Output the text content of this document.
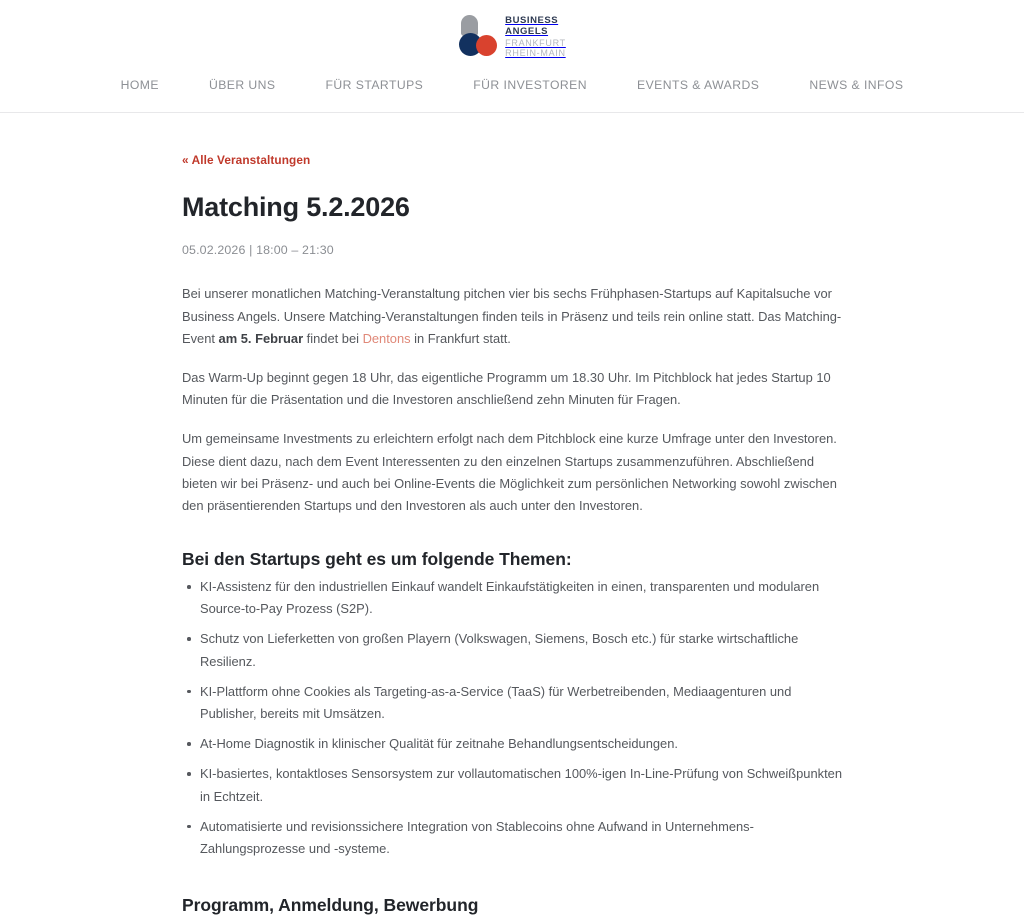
BUSINESS
ANGELS
FRANKFURT
RHEIN-MAIN
HOME	ÜBER UNS	FÜR STARTUPS	FÜR INVESTOREN	EVENTS & AWARDS	NEWS & INFOS
« Alle Veranstaltungen
Matching 5.2.2026
05.02.2026 | 18:00 – 21:30

Bei unserer monatlichen Matching-Veranstaltung pitchen vier bis sechs Frühphasen-Startups auf Kapitalsuche vor Business Angels. Unsere Matching-Veranstaltungen finden teils in Präsenz und teils rein online statt. Das Matching-Event am 5. Februar findet bei Dentons in Frankfurt statt.

Das Warm-Up beginnt gegen 18 Uhr, das eigentliche Programm um 18.30 Uhr. Im Pitchblock hat jedes Startup 10 Minuten für die Präsentation und die Investoren anschließend zehn Minuten für Fragen.

Um gemeinsame Investments zu erleichtern erfolgt nach dem Pitchblock eine kurze Umfrage unter den Investoren. Diese dient dazu, nach dem Event Interessenten zu den einzelnen Startups zusammenzuführen. Abschließend bieten wir bei Präsenz- und auch bei Online-Events die Möglichkeit zum persönlichen Networking sowohl zwischen den präsentierenden Startups und den Investoren als auch unter den Investoren.

Bei den Startups geht es um folgende Themen:
KI-Assistenz für den industriellen Einkauf wandelt Einkaufstätigkeiten in einen, transparenten und modularen Source-to-Pay Prozess (S2P).
Schutz von Lieferketten von großen Playern (Volkswagen, Siemens, Bosch etc.) für starke wirtschaftliche Resilienz.
KI-Plattform ohne Cookies als Targeting-as-a-Service (TaaS) für Werbetreibenden, Mediaagenturen und Publisher, bereits mit Umsätzen.
At-Home Diagnostik in klinischer Qualität für zeitnahe Behandlungsentscheidungen.
KI-basiertes, kontaktloses Sensorsystem zur vollautomatischen 100%-igen In-Line-Prüfung von Schweißpunkten in Echtzeit.
Automatisierte und revisionssichere Integration von Stablecoins ohne Aufwand in Unternehmens-Zahlungsprozesse und -systeme.
Programm, Anmeldung, Bewerbung
